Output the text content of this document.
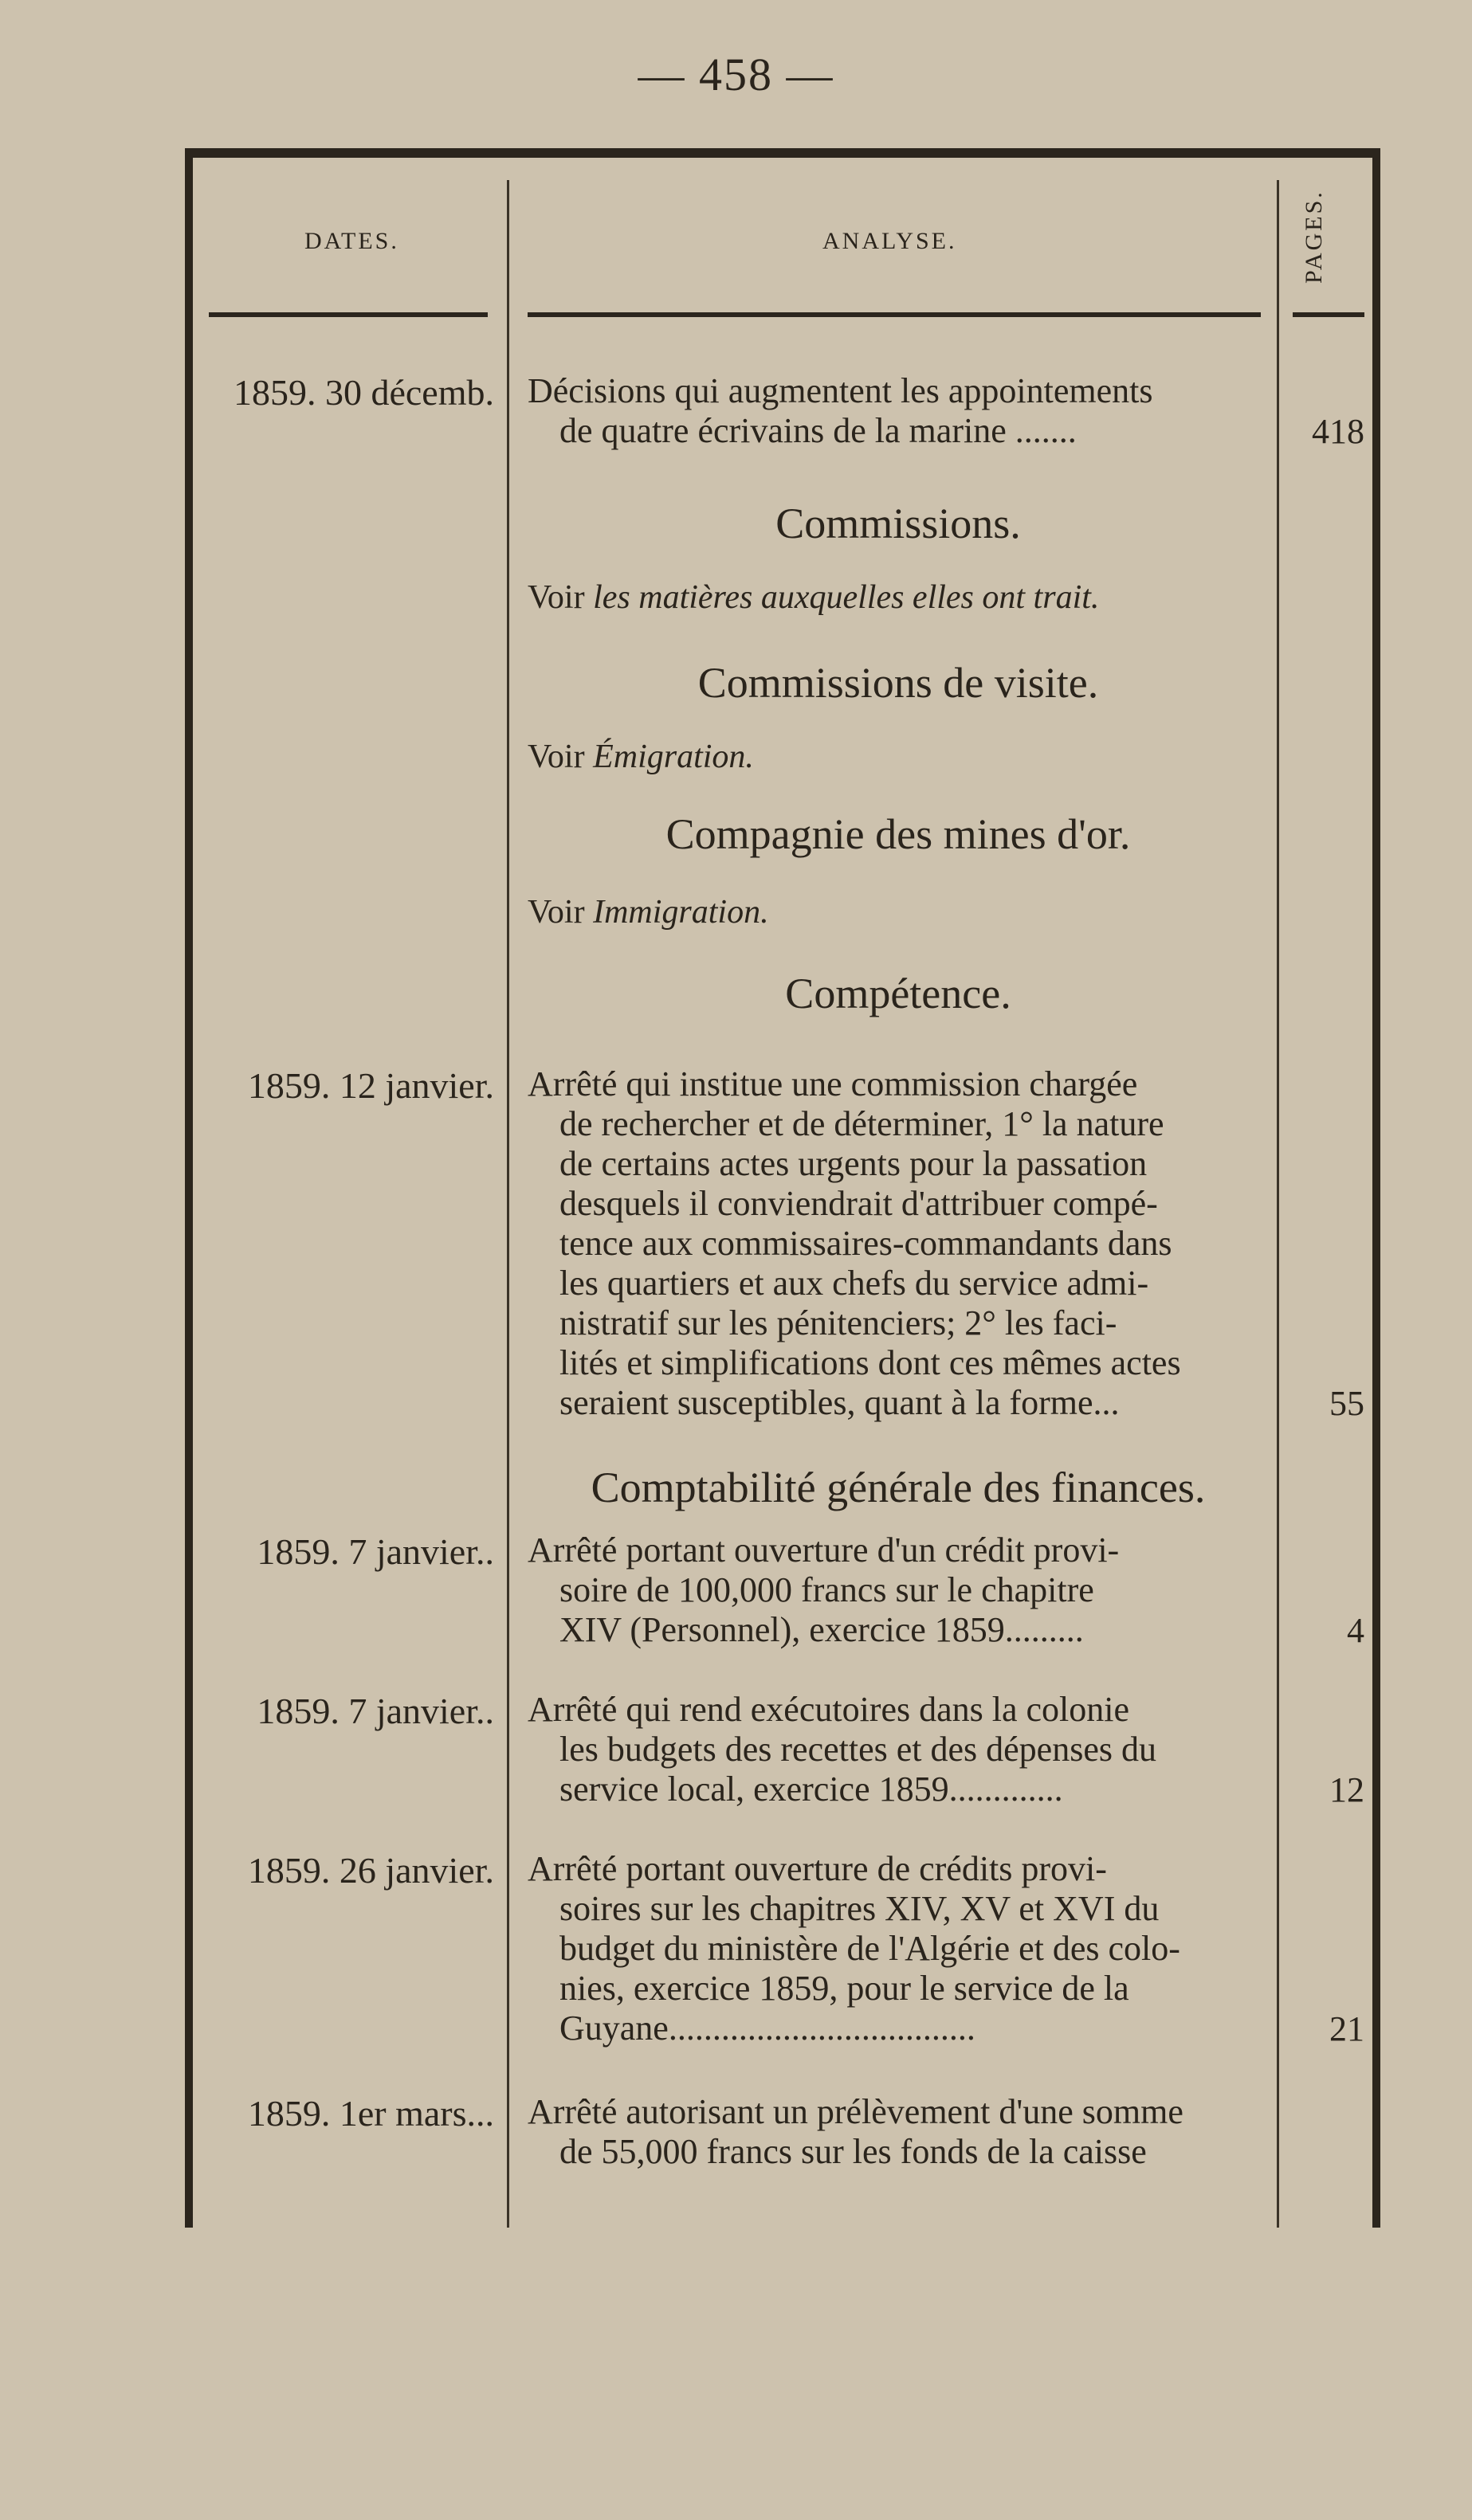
— 458 —
DATES.	ANALYSE.	PAGES.
1859. 30 décemb. Décisions qui augmentent les appointements
de quatre écrivains de la marine .......	418
Commissions.
Voir les matières auxquelles elles ont trait.
Commissions de visite.
Voir Émigration.
Compagnie des mines d'or.
Voir Immigration.
Compétence.
1859. 12 janvier. Arrêté qui institue une commission chargée
de rechercher et de déterminer, 1° la nature
de certains actes urgents pour la passation
desquels il conviendrait d'attribuer compé-
tence aux commissaires-commandants dans
les quartiers et aux chefs du service admi-
nistratif sur les pénitenciers; 2° les faci-
lités et simplifications dont ces mêmes actes
seraient susceptibles, quant à la forme...	55
Comptabilité générale des finances.
1859. 7 janvier.. Arrêté portant ouverture d'un crédit provi-
soire de 100,000 francs sur le chapitre
XIV (Personnel), exercice 1859.........	4
1859. 7 janvier.. Arrêté qui rend exécutoires dans la colonie
les budgets des recettes et des dépenses du
service local, exercice 1859.............	12
1859. 26 janvier. Arrêté portant ouverture de crédits provi-
soires sur les chapitres XIV, XV et XVI du
budget du ministère de l'Algérie et des colo-
nies, exercice 1859, pour le service de la
Guyane...................................	21
1859. 1er mars... Arrêté autorisant un prélèvement d'une somme
de 55,000 francs sur les fonds de la caisse
